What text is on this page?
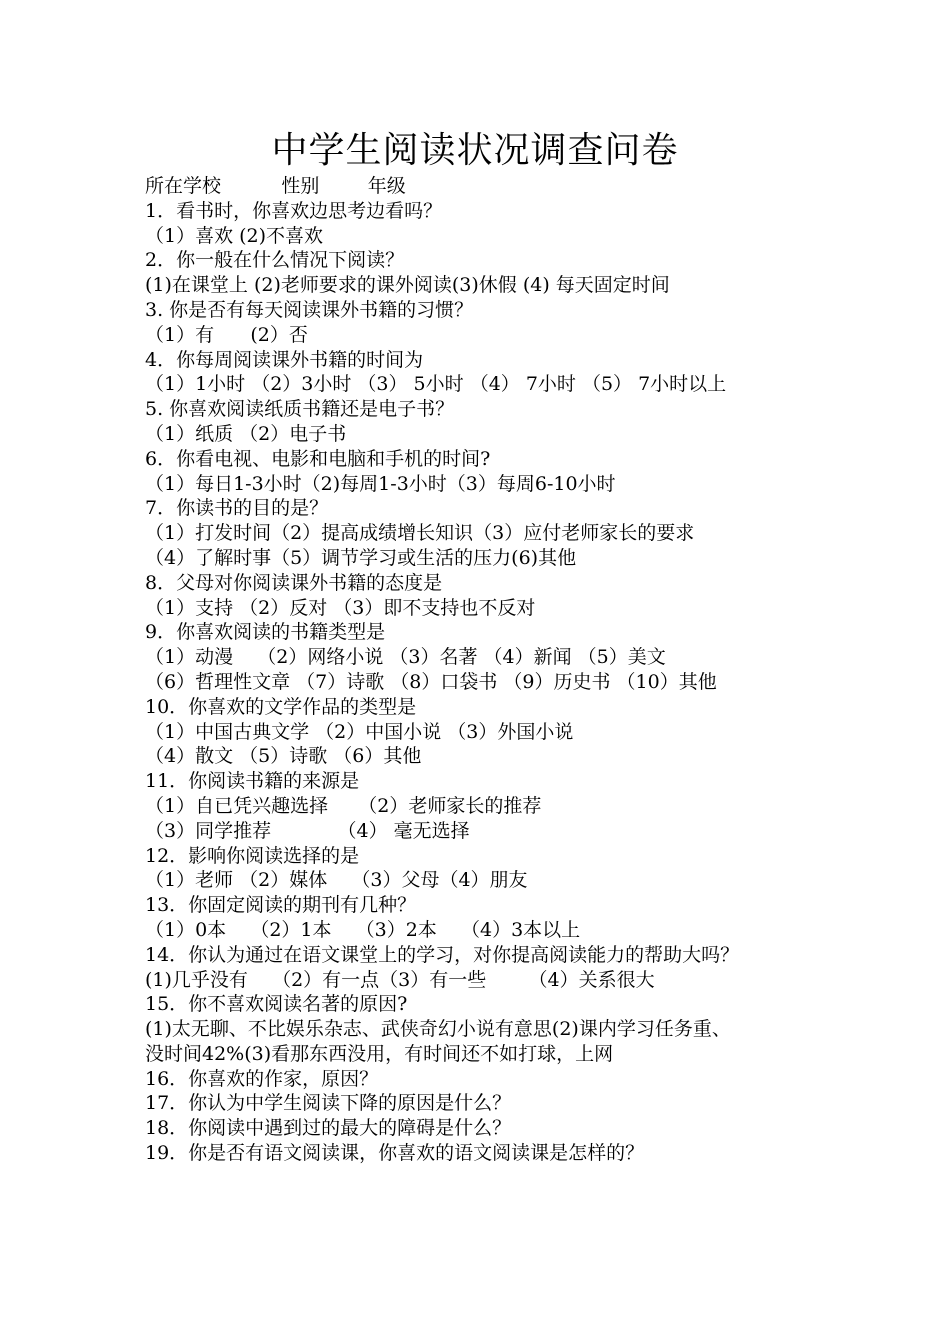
中学生阅读状况调查问卷
所在学校          性别        年级
1．看书时，你喜欢边思考边看吗？
（1）喜欢 (2)不喜欢
2．你一般在什么情况下阅读？
(1)在课堂上 (2)老师要求的课外阅读(3)休假 (4) 每天固定时间
3. 你是否有每天阅读课外书籍的习惯？
（1）有      (2）否
4．你每周阅读课外书籍的时间为
（1）1小时 （2）3小时 （3） 5小时 （4） 7小时 （5） 7小时以上
5. 你喜欢阅读纸质书籍还是电子书？
（1）纸质 （2）电子书
6．你看电视、电影和电脑和手机的时间?
（1）每日1-3小时（2)每周1-3小时（3）每周6-10小时
7．你读书的目的是？
（1）打发时间（2）提高成绩增长知识（3）应付老师家长的要求
（4）了解时事（5）调节学习或生活的压力(6)其他
8．父母对你阅读课外书籍的态度是
（1）支持 （2）反对 （3）即不支持也不反对
9．你喜欢阅读的书籍类型是
（1）动漫    （2）网络小说 （3）名著 （4）新闻 （5）美文
（6）哲理性文章 （7）诗歌 （8）口袋书 （9）历史书 （10）其他
10．你喜欢的文学作品的类型是
（1）中国古典文学 （2）中国小说 （3）外国小说
（4）散文 （5）诗歌 （6）其他
11．你阅读书籍的来源是
（1）自已凭兴趣选择     （2）老师家长的推荐
（3）同学推荐           （4） 毫无选择
12．影响你阅读选择的是
（1）老师 （2）媒体    （3）父母（4）朋友
13．你固定阅读的期刊有几种？
（1）0本    （2）1本    （3）2本    （4）3本以上
14．你认为通过在语文课堂上的学习，对你提高阅读能力的帮助大吗？
(1)几乎没有    （2）有一点（3）有一些       （4）关系很大
15．你不喜欢阅读名著的原因?
(1)太无聊、不比娱乐杂志、武侠奇幻小说有意思(2)课内学习任务重、
没时间42%(3)看那东西没用，有时间还不如打球，上网
16．你喜欢的作家，原因？
17．你认为中学生阅读下降的原因是什么？
18．你阅读中遇到过的最大的障碍是什么？
19．你是否有语文阅读课，你喜欢的语文阅读课是怎样的？
